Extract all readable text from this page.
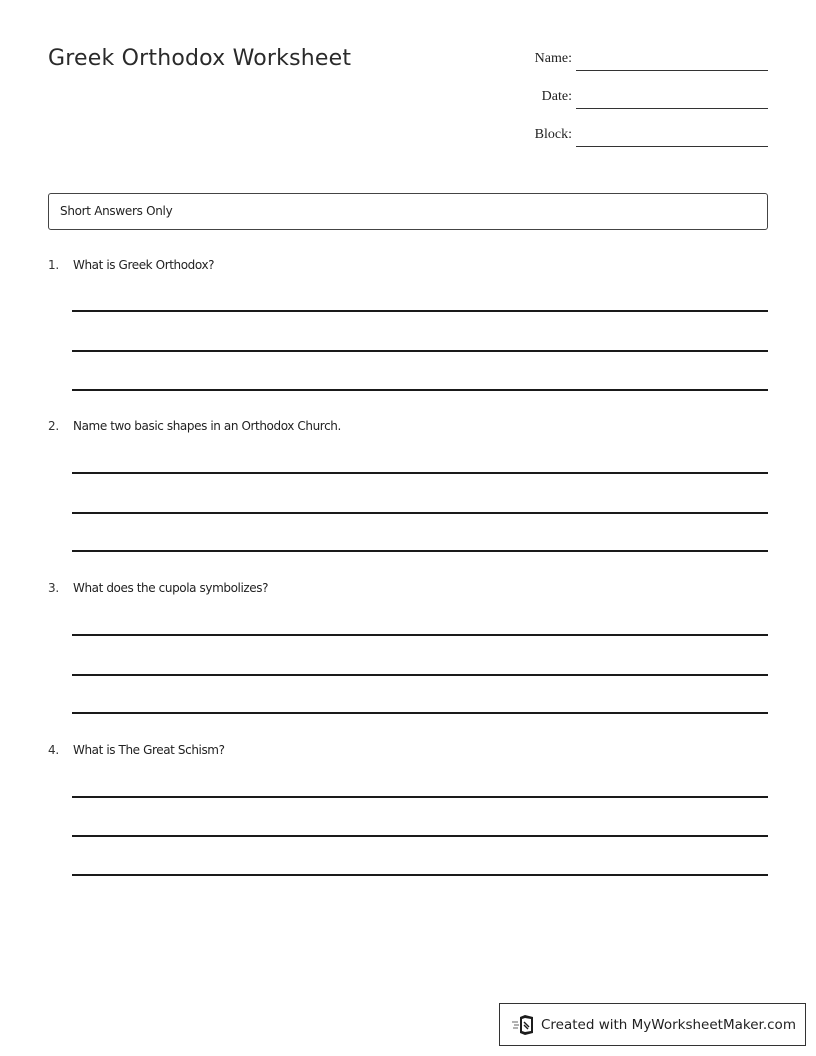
Greek Orthodox Worksheet	Name:
Date:
Block:
Short Answers Only
1. What is Greek Orthodox?
2. Name two basic shapes in an Orthodox Church.
3. What does the cupola symbolizes?
4. What is The Great Schism?
Created with MyWorksheetMaker.com
